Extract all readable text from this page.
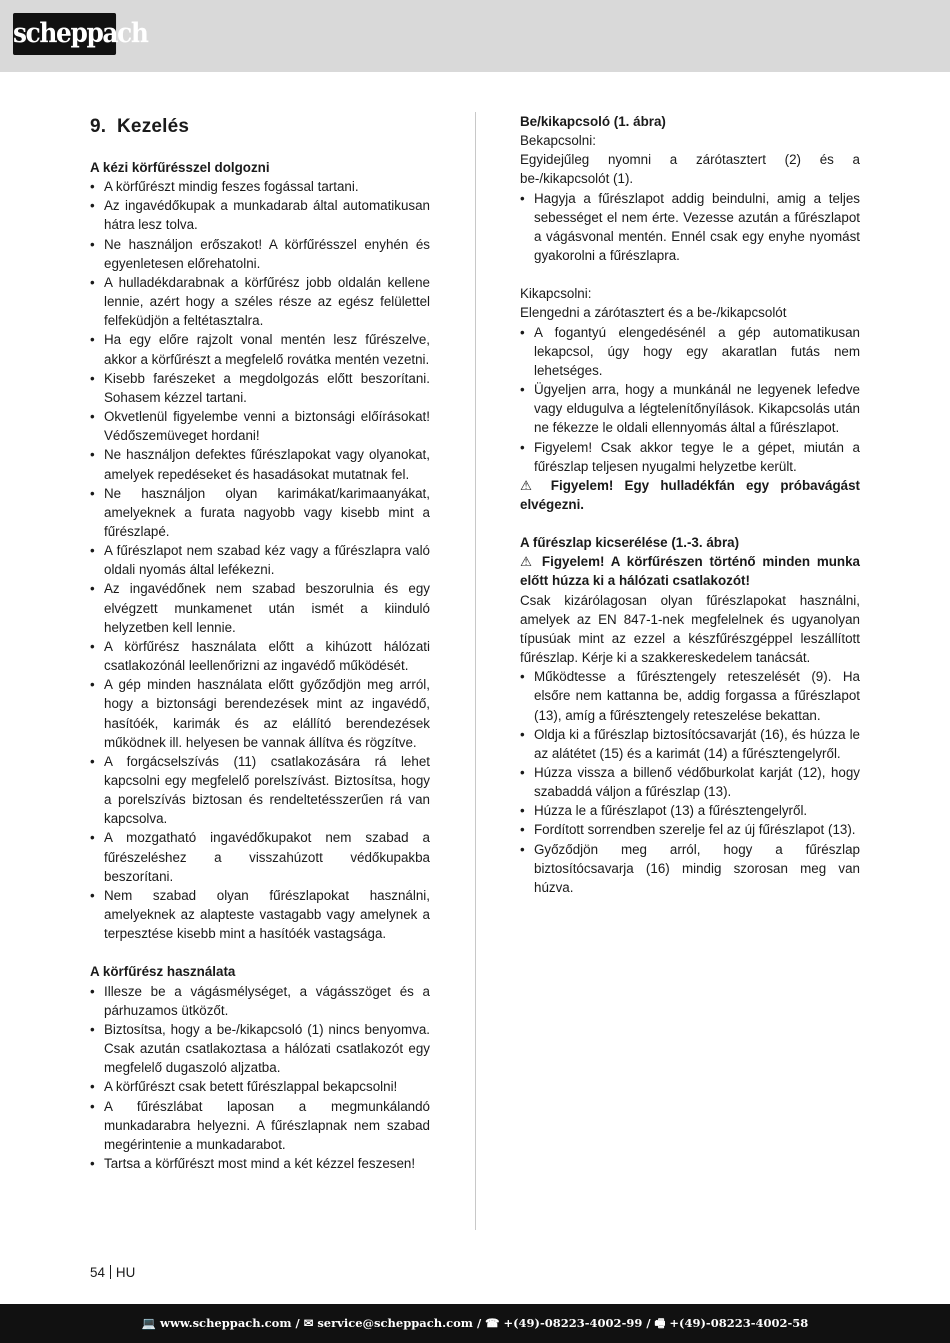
scheppach
9. Kezelés
A kézi körfűrésszel dolgozni
• A körfűrészt mindig feszes fogással tartani.
• Az ingavédőkupak a munkadarab által automatikusan hátra lesz tolva.
• Ne használjon erőszakot! A körfűrésszel enyhén és egyenletesen előrehatolni.
• A hulladékdarabnak a körfűrész jobb oldalán kellene lennie, azért hogy a széles része az egész felülettel felfeküdjön a feltétasztalra.
• Ha egy előre rajzolt vonal mentén lesz fűrészelve, akkor a körfűrészt a megfelelő rovátka mentén vezetni.
• Kisebb farészeket a megdolgozás előtt beszorítani. Sohasem kézzel tartani.
• Okvetlenül figyelembe venni a biztonsági előírásokat! Védőszemüveget hordani!
• Ne használjon defektes fűrészlapokat vagy olyanokat, amelyek repedéseket és hasadásokat mutatnak fel.
• Ne használjon olyan karimákat/karimaanyákat, amelyeknek a furata nagyobb vagy kisebb mint a fűrészlapé.
• A fűrészlapot nem szabad kéz vagy a fűrészlapra való oldali nyomás által lefékezni.
• Az ingavédőnek nem szabad beszorulnia és egy elvégzett munkamenet után ismét a kiinduló helyzetben kell lennie.
• A körfűrész használata előtt a kihúzott hálózati csatlakozónál leellenőrizni az ingavédő működését.
• A gép minden használata előtt győződjön meg arról, hogy a biztonsági berendezések mint az ingavédő, hasítóék, karimák és az elállító berendezések működnek ill. helyesen be vannak állítva és rögzítve.
• A forgácselszívás (11) csatlakozására rá lehet kapcsolni egy megfelelő porelszívást. Biztosítsa, hogy a porelszívás biztosan és rendeltetésszerűen rá van kapcsolva.
• A mozgatható ingavédőkupakot nem szabad a fűrészeléshez a visszahúzott védőkupakba beszorítani.
• Nem szabad olyan fűrészlapokat használni, amelyeknek az alapteste vastagabb vagy amelynek a terpesztése kisebb mint a hasítóék vastagsága.
A körfűrész használata
• Illesze be a vágásmélységet, a vágásszöget és a párhuzamos ütközőt.
• Biztosítsa, hogy a be-/kikapcsoló (1) nincs benyomva. Csak azután csatlakoztasa a hálózati csatlakozót egy megfelelő dugaszoló aljzatba.
• A körfűrészt csak betett fűrészlappal bekapcsolni!
• A fűrészlábat laposan a megmunkálandó munkadarabra helyezni. A fűrészlapnak nem szabad megérintenie a munkadarabot.
• Tartsa a körfűrészt most mind a két kézzel feszesen!
Be/kikapcsoló (1. ábra)

Bekapcsolni:

Egyidejűleg nyomni a zárótasztert (2) és a be-/kikapcsolót (1).

• Hagyja a fűrészlapot addig beindulni, amig a teljes sebességet el nem érte. Vezesse azután a fűrészlapot a vágásvonal mentén. Ennél csak egy enyhe nyomást gyakorolni a fűrészlapra.

Kikapcsolni:

Elengedni a zárótasztert és a be-/kikapcsolót

• A fogantyú elengedésénél a gép automatikusan lekapcsol, úgy hogy egy akaratlan futás nem lehetséges.
• Ügyeljen arra, hogy a munkánál ne legyenek lefedve vagy eldugulva a légtelenítőnyílások. Kikapcsolás után ne fékezze le oldali ellennyomás által a fűrészlapot.
• Figyelem! Csak akkor tegye le a gépet, miután a fűrészlap teljesen nyugalmi helyzetbe került.

⚠ Figyelem! Egy hulladékfán egy próbavágást elvégezni.

A fűrészlap kicserélése (1.-3. ábra)

⚠ Figyelem! A körfűrészen történő minden munka előtt húzza ki a hálózati csatlakozót!

Csak kizárólagosan olyan fűrészlapokat használni, amelyek az EN 847-1-nek megfelelnek és ugyanolyan típusúak mint az ezzel a készfűrészgéppel leszállított fűrészlap. Kérje ki a szakkereskedelem tanácsát.

• Működtesse a fűrésztengely reteszelését (9). Ha elsőre nem kattanna be, addig forgassa a fűrészlapot (13), amíg a fűrésztengely reteszelése bekattan.
• Oldja ki a fűrészlap biztosítócsavarját (16), és húzza le az alátétet (15) és a karimát (14) a fűrésztengelyről.
• Húzza vissza a billenő védőburkolat karját (12), hogy szabaddá váljon a fűrészlap (13).
• Húzza le a fűrészlapot (13) a fűrésztengelyről.
• Fordított sorrendben szerelje fel az új fűrészlapot (13).
• Győződjön meg arról, hogy a fűrészlap biztosítócsavarja (16) mindig szorosan meg van húzva.
54 HU
💻 www.scheppach.com / ✉ service@scheppach.com / ☎ +(49)-08223-4002-99 / 🖷 +(49)-08223-4002-58
